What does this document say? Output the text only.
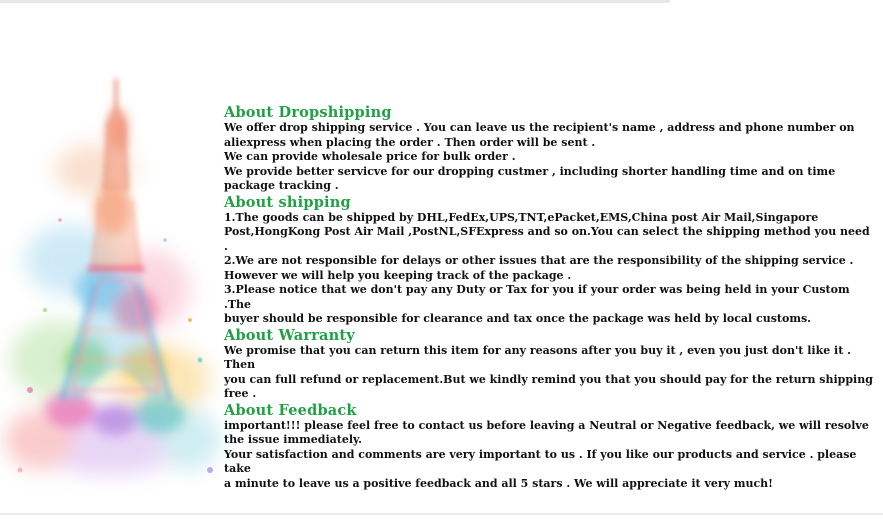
About Dropshipping

We offer drop shipping service . You can leave us the recipient's name , address and phone number on
aliexpress when placing the order . Then order will be sent .

We can provide wholesale price for bulk order .

We provide better servicve for our dropping custmer , including shorter handling time and on time
package tracking .

About shipping

1.The goods can be shipped by DHL,FedEx,UPS,TNT,ePacket,EMS,China post Air Mail,Singapore
Post,HongKong Post Air Mail ,PostNL,SFExpress and so on.You can select the shipping method you need .

2.We are not responsible for delays or other issues that are the responsibility of the shipping service .
However we will help you keeping track of the package .

3.Please notice that we don't pay any Duty or Tax for you if your order was being held in your Custom .The
buyer should be responsible for clearance and tax once the package was held by local customs.

About Warranty

We promise that you can return this item for any reasons after you buy it , even you just don't like it . Then
you can full refund or replacement.But we kindly remind you that you should pay for the return shipping
free .

About Feedback

important!!! please feel free to contact us before leaving a Neutral or Negative feedback, we will resolve
the issue immediately.

Your satisfaction and comments are very important to us . If you like our products and service . please take
a minute to leave us a positive feedback and all 5 stars . We will appreciate it very much!
